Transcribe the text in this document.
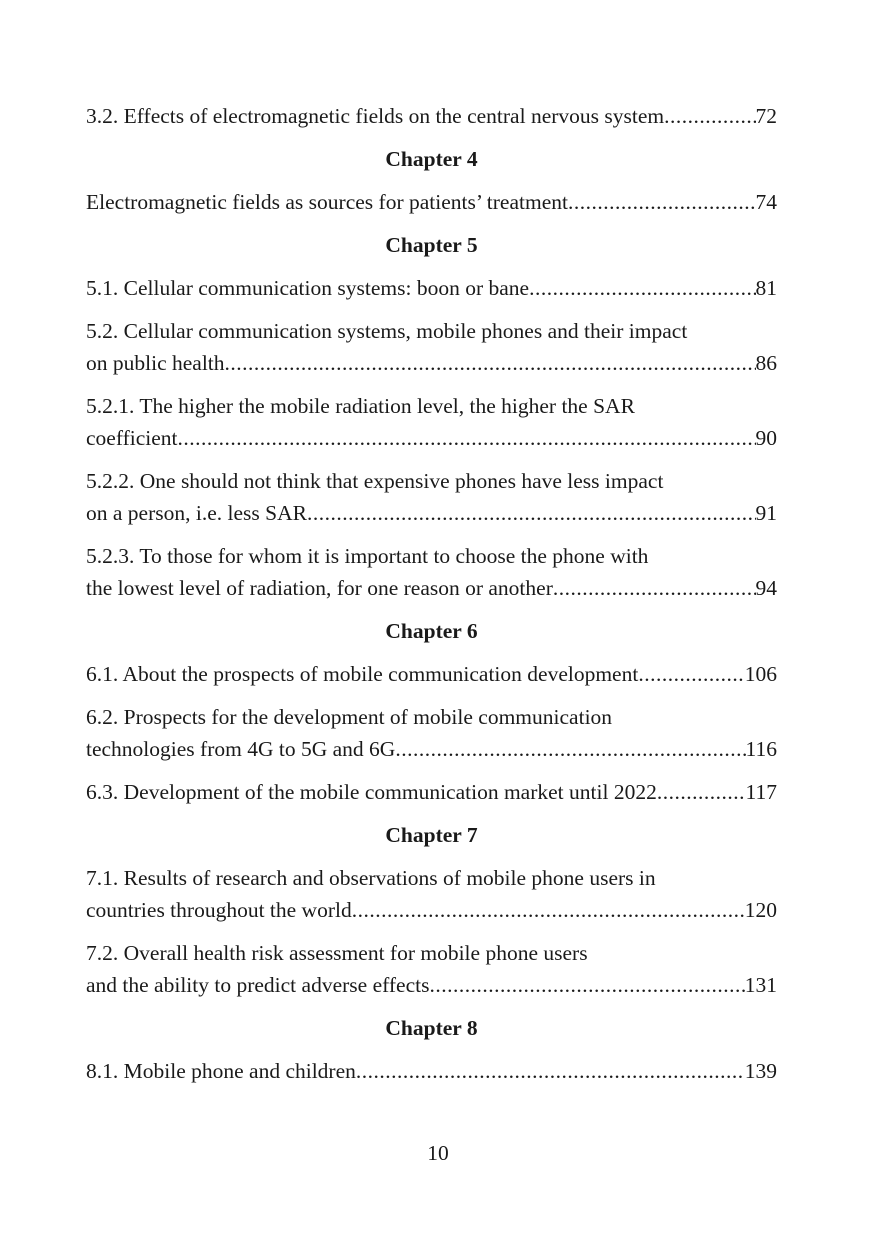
3.2. Effects of electromagnetic fields on the central nervous system .....	72
Chapter 4
Electromagnetic fields as sources for patients’ treatment .....	74
Chapter 5
5.1. Cellular communication systems: boon or bane .....	81
5.2. Cellular communication systems, mobile phones and their impact
on public health .....	86
5.2.1. The higher the mobile radiation level, the higher the SAR
coefficient .....	90
5.2.2. One should not think that expensive phones have less impact
on a person, i.e. less SAR .....	91
5.2.3. To those for whom it is important to choose the phone with
the lowest level of radiation, for one reason or another .....	94
Chapter 6
6.1. About the prospects of mobile communication development .....	106
6.2. Prospects for the development of mobile communication
technologies from 4G to 5G and 6G .....	116
6.3. Development of the mobile communication market until 2022 .....	117
Chapter 7
7.1. Results of research and observations of mobile phone users in
countries throughout the world .....	120
7.2. Overall health risk assessment for mobile phone users
and the ability to predict adverse effects .....	131
Chapter 8
8.1. Mobile phone and children .....	139
10
